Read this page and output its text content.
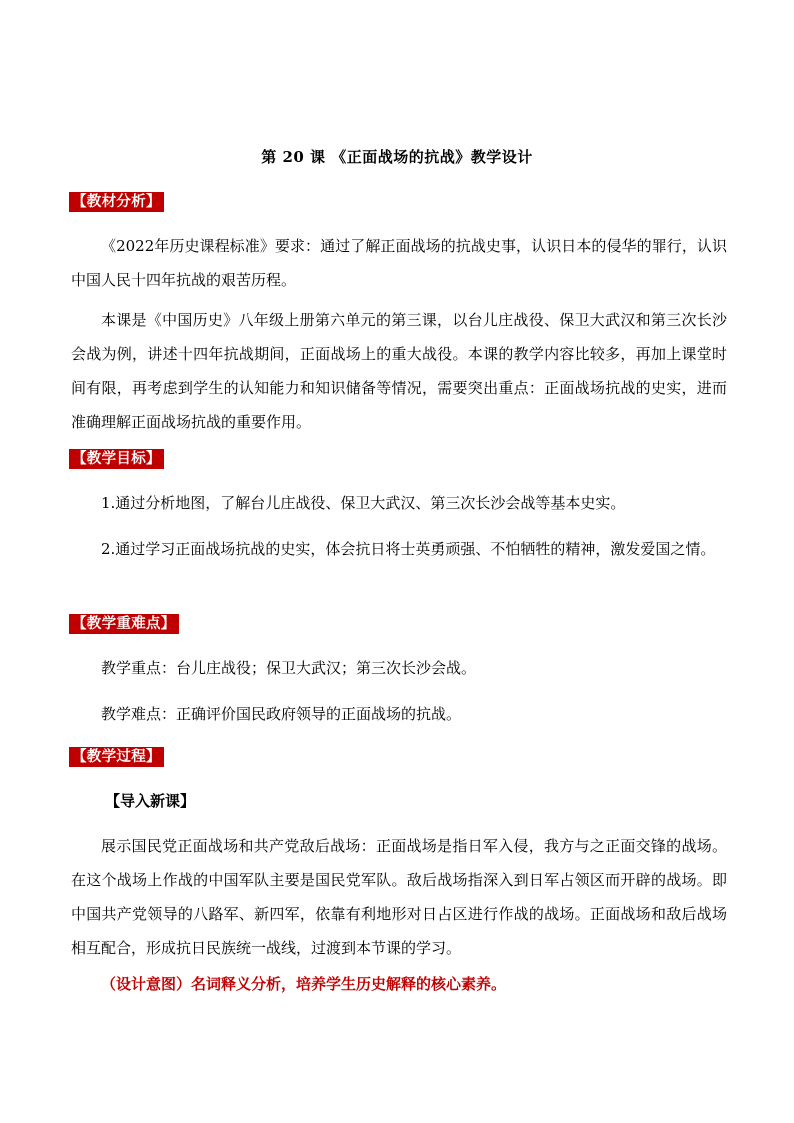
第 20 课 《正面战场的抗战》教学设计
【教材分析】
《2022年历史课程标准》要求：通过了解正面战场的抗战史事，认识日本的侵华的罪行，认识中国人民十四年抗战的艰苦历程。
本课是《中国历史》八年级上册第六单元的第三课，以台儿庄战役、保卫大武汉和第三次长沙会战为例，讲述十四年抗战期间，正面战场上的重大战役。本课的教学内容比较多，再加上课堂时间有限，再考虑到学生的认知能力和知识储备等情况，需要突出重点：正面战场抗战的史实，进而准确理解正面战场抗战的重要作用。
【教学目标】
1.通过分析地图，了解台儿庄战役、保卫大武汉、第三次长沙会战等基本史实。
2.通过学习正面战场抗战的史实，体会抗日将士英勇顽强、不怕牺牲的精神，激发爱国之情。
【教学重难点】
教学重点：台儿庄战役；保卫大武汉；第三次长沙会战。
教学难点：正确评价国民政府领导的正面战场的抗战。
【教学过程】
【导入新课】
展示国民党正面战场和共产党敌后战场：正面战场是指日军入侵，我方与之正面交锋的战场。 在这个战场上作战的中国军队主要是国民党军队。敌后战场指深入到日军占领区而开辟的战场。即中国共产党领导的八路军、新四军，依靠有利地形对日占区进行作战的战场。正面战场和敌后战场相互配合，形成抗日民族统一战线，过渡到本节课的学习。
（设计意图）名词释义分析，培养学生历史解释的核心素养。
